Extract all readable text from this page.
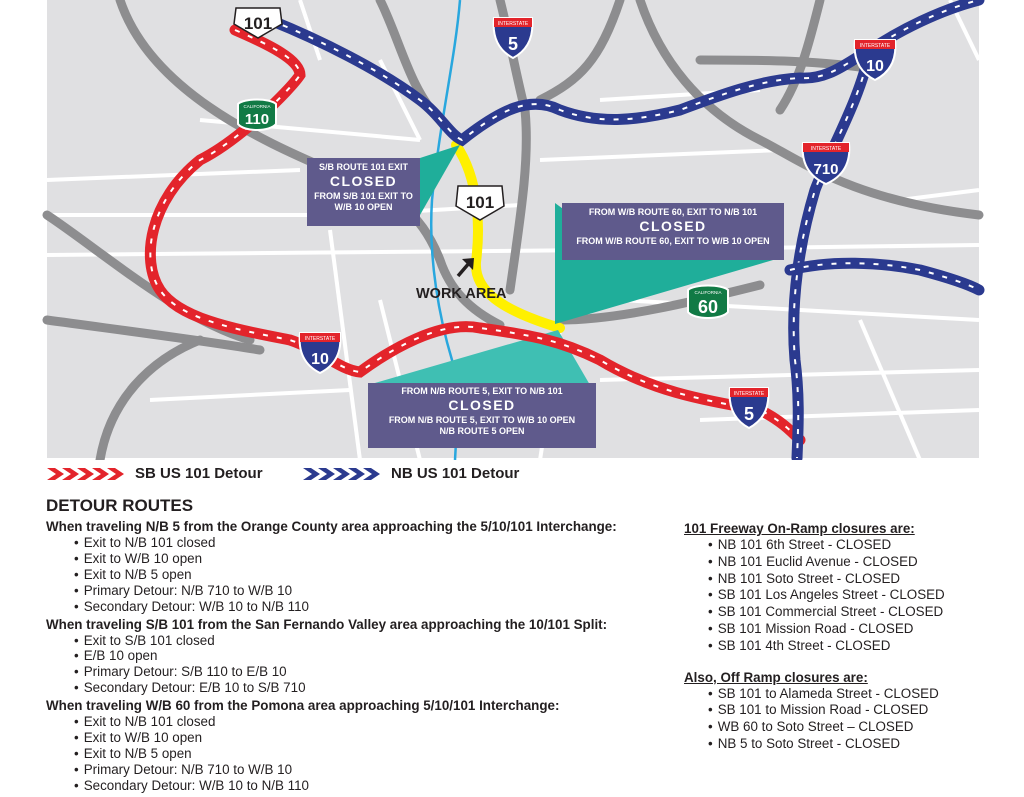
101
101
INTERSTATE
5
INTERSTATE
5
INTERSTATE
10
INTERSTATE
10
INTERSTATE
710
CALIFORNIA
110
CALIFORNIA
60
WORK AREA
S/B ROUTE 101 EXIT
CLOSED
FROM S/B 101 EXIT TO
W/B 10 OPEN	FROM W/B ROUTE 60, EXIT TO N/B 101
CLOSED
FROM W/B ROUTE 60, EXIT TO W/B 10 OPEN
FROM N/B ROUTE 5, EXIT TO N/B 101
CLOSED
FROM N/B ROUTE 5, EXIT TO W/B 10 OPEN
N/B ROUTE 5 OPEN
SB US 101 Detour	NB US 101 Detour
DETOUR ROUTES

When traveling N/B 5 from the Orange County area approaching the 5/10/101 Interchange:

• Exit to N/B 101 closed
• Exit to W/B 10 open
• Exit to N/B 5 open
• Primary Detour: N/B 710 to W/B 10
• Secondary Detour: W/B 10 to N/B 110

When traveling S/B 101 from the San Fernando Valley area approaching the 10/101 Split:

• Exit to S/B 101 closed
• E/B 10 open
• Primary Detour: S/B 110 to E/B 10
• Secondary Detour: E/B 10 to S/B 710

When traveling W/B 60 from the Pomona area approaching 5/10/101 Interchange:

• Exit to N/B 101 closed
• Exit to W/B 10 open
• Exit to N/B 5 open
• Primary Detour: N/B 710 to W/B 10
• Secondary Detour: W/B 10 to N/B 110

101 Freeway On-Ramp closures are:

• NB 101 6th Street - CLOSED
• NB 101 Euclid Avenue - CLOSED
• NB 101 Soto Street - CLOSED
• SB 101 Los Angeles Street - CLOSED
• SB 101 Commercial Street - CLOSED
• SB 101 Mission Road - CLOSED
• SB 101 4th Street - CLOSED

Also, Off Ramp closures are:

• SB 101 to Alameda Street - CLOSED
• SB 101 to Mission Road - CLOSED
• WB 60 to Soto Street – CLOSED
• NB 5 to Soto Street - CLOSED
